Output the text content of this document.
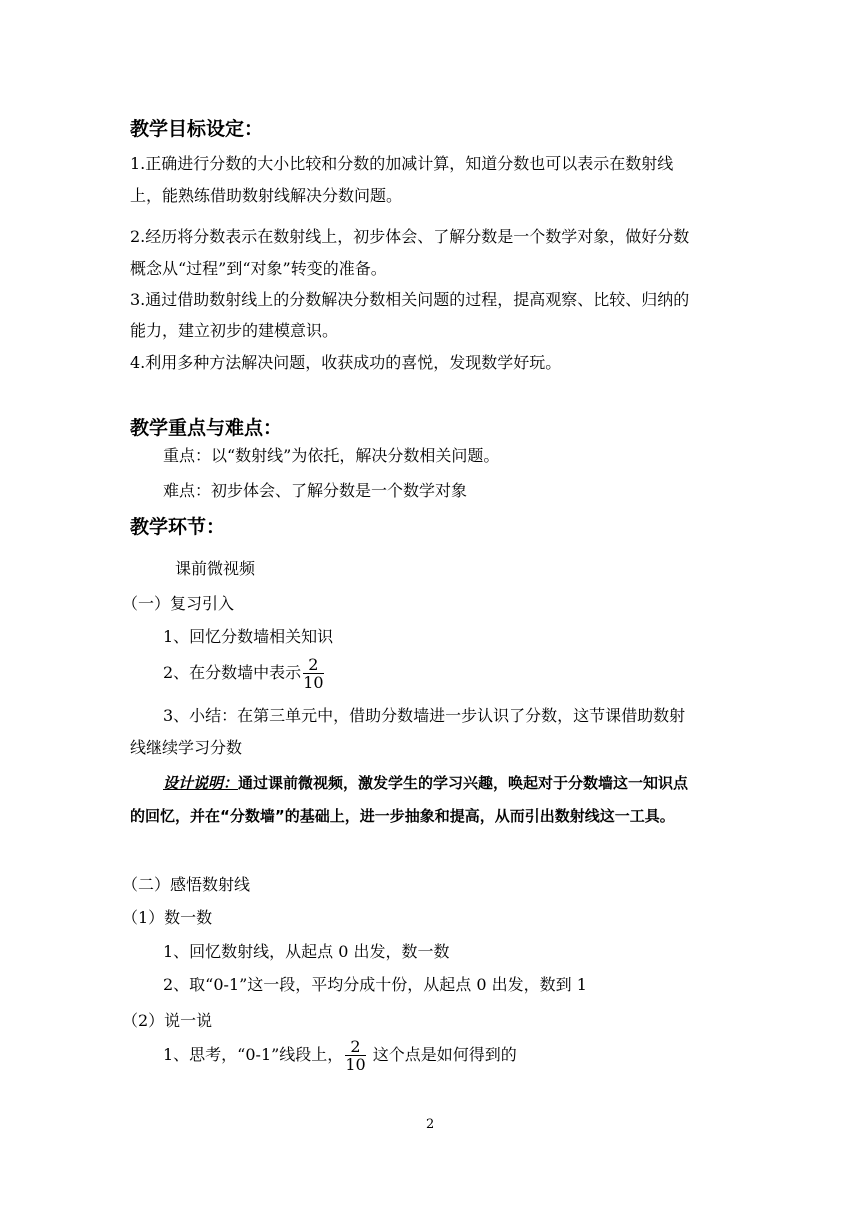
教学目标设定：
1.正确进行分数的大小比较和分数的加减计算，知道分数也可以表示在数射线
上，能熟练借助数射线解决分数问题。
2.经历将分数表示在数射线上，初步体会、了解分数是一个数学对象，做好分数
概念从“过程”到“对象”转变的准备。
3.通过借助数射线上的分数解决分数相关问题的过程，提高观察、比较、归纳的
能力，建立初步的建模意识。
4.利用多种方法解决问题，收获成功的喜悦，发现数学好玩。
教学重点与难点：
重点：以“数射线”为依托，解决分数相关问题。
难点：初步体会、了解分数是一个数学对象
教学环节：
课前微视频
（一）复习引入
1、回忆分数墙相关知识
2、在分数墙中表示 $\frac{2}{10}$
3、小结：在第三单元中，借助分数墙进一步认识了分数，这节课借助数射
线继续学习分数
设计说明：通过课前微视频，激发学生的学习兴趣，唤起对于分数墙这一知识点
的回忆，并在“分数墙”的基础上，进一步抽象和提高，从而引出数射线这一工具。
（二）感悟数射线
（1）数一数
1、回忆数射线，从起点 0 出发，数一数
2、取“0-1”这一段，平均分成十份，从起点 0 出发，数到 1
（2）说一说
1、思考，“0-1”线段上， $\frac{2}{10}$ 这个点是如何得到的
2
